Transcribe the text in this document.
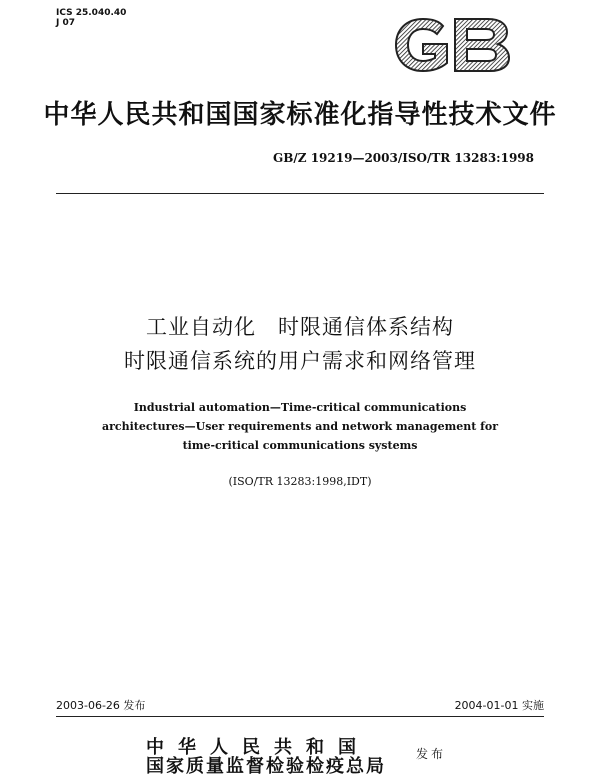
ICS 25.040.40
J 07
中华人民共和国国家标准化指导性技术文件
GB/Z 19219—2003/ISO/TR 13283:1998
工业自动化　时限通信体系结构
时限通信系统的用户需求和网络管理
Industrial automation—Time-critical communications
architectures—User requirements and network management for
time-critical communications systems
(ISO/TR 13283:1998,IDT)
2003-06-26 发布	2004-01-01 实施
中华人民共和国
国家质量监督检验检疫总局
发布
